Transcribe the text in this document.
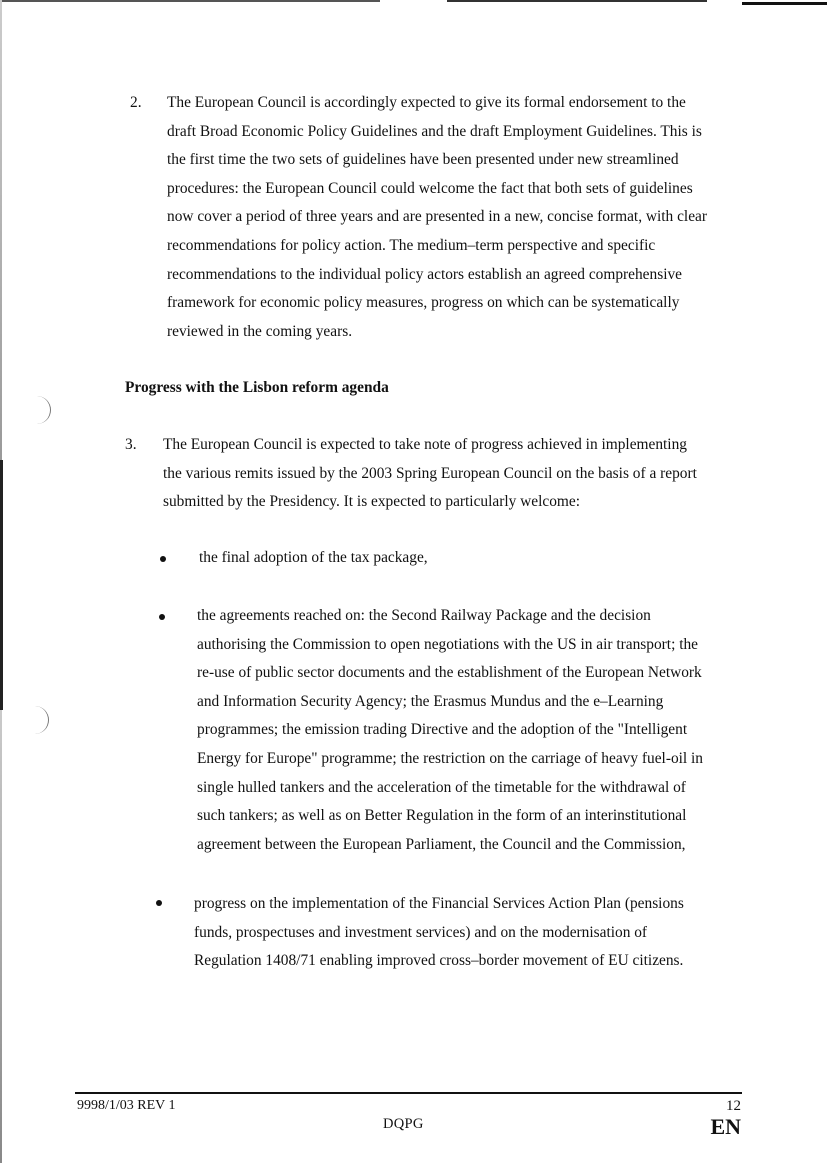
2. The European Council is accordingly expected to give its formal endorsement to the
draft Broad Economic Policy Guidelines and the draft Employment Guidelines. This is
the first time the two sets of guidelines have been presented under new streamlined
procedures: the European Council could welcome the fact that both sets of guidelines
now cover a period of three years and are presented in a new, concise format, with clear
recommendations for policy action. The medium–term perspective and specific
recommendations to the individual policy actors establish an agreed comprehensive
framework for economic policy measures, progress on which can be systematically
reviewed in the coming years.
Progress with the Lisbon reform agenda
3. The European Council is expected to take note of progress achieved in implementing
the various remits issued by the 2003 Spring European Council on the basis of a report
submitted by the Presidency. It is expected to particularly welcome:
the final adoption of the tax package,
the agreements reached on: the Second Railway Package and the decision
authorising the Commission to open negotiations with the US in air transport; the
re-use of public sector documents and the establishment of the European Network
and Information Security Agency; the Erasmus Mundus and the e–Learning
programmes; the emission trading Directive and the adoption of the "Intelligent
Energy for Europe" programme; the restriction on the carriage of heavy fuel-oil in
single hulled tankers and the acceleration of the timetable for the withdrawal of
such tankers; as well as on Better Regulation in the form of an interinstitutional
agreement between the European Parliament, the Council and the Commission,
progress on the implementation of the Financial Services Action Plan (pensions
funds, prospectuses and investment services) and on the modernisation of
Regulation 1408/71 enabling improved cross–border movement of EU citizens.
9998/1/03 REV 1
DQPG
12
EN
